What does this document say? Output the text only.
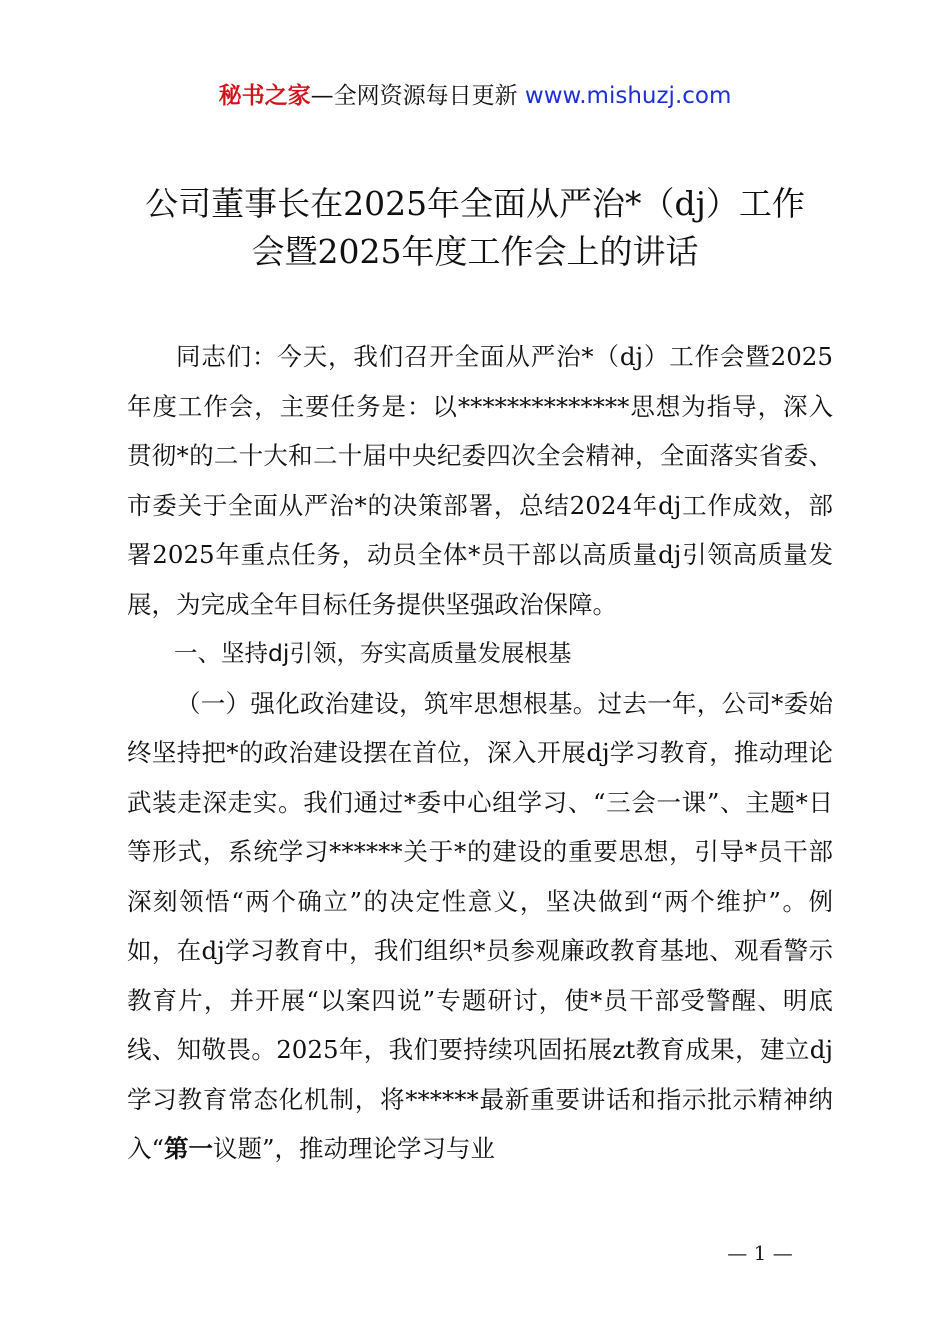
秘书之家—全网资源每日更新 www.mishuzj.com
公司董事长在2025年全面从严治*（dj）工作
会暨2025年度工作会上的讲话

同志们：今天，我们召开全面从严治*（dj）工作会暨2025年度工作会，主要任务是：以**************思想为指导，深入贯彻*的二十大和二十届中央纪委四次全会精神，全面落实省委、市委关于全面从严治*的决策部署，总结2024年dj工作成效，部署2025年重点任务，动员全体*员干部以高质量dj引领高质量发展，为完成全年目标任务提供坚强政治保障。

一、坚持dj引领，夯实高质量发展根基

（一）强化政治建设，筑牢思想根基。过去一年，公司*委始终坚持把*的政治建设摆在首位，深入开展dj学习教育，推动理论武装走深走实。我们通过*委中心组学习、“三会一课”、主题*日等形式，系统学习******关于*的建设的重要思想，引导*员干部深刻领悟“两个确立”的决定性意义，坚决做到“两个维护”。例如，在dj学习教育中，我们组织*员参观廉政教育基地、观看警示教育片，并开展“以案四说”专题研讨，使*员干部受警醒、明底线、知敬畏。2025年，我们要持续巩固拓展zt教育成果，建立dj学习教育常态化机制，将******最新重要讲话和指示批示精神纳入“第一议题”，推动理论学习与业

— 1 —
